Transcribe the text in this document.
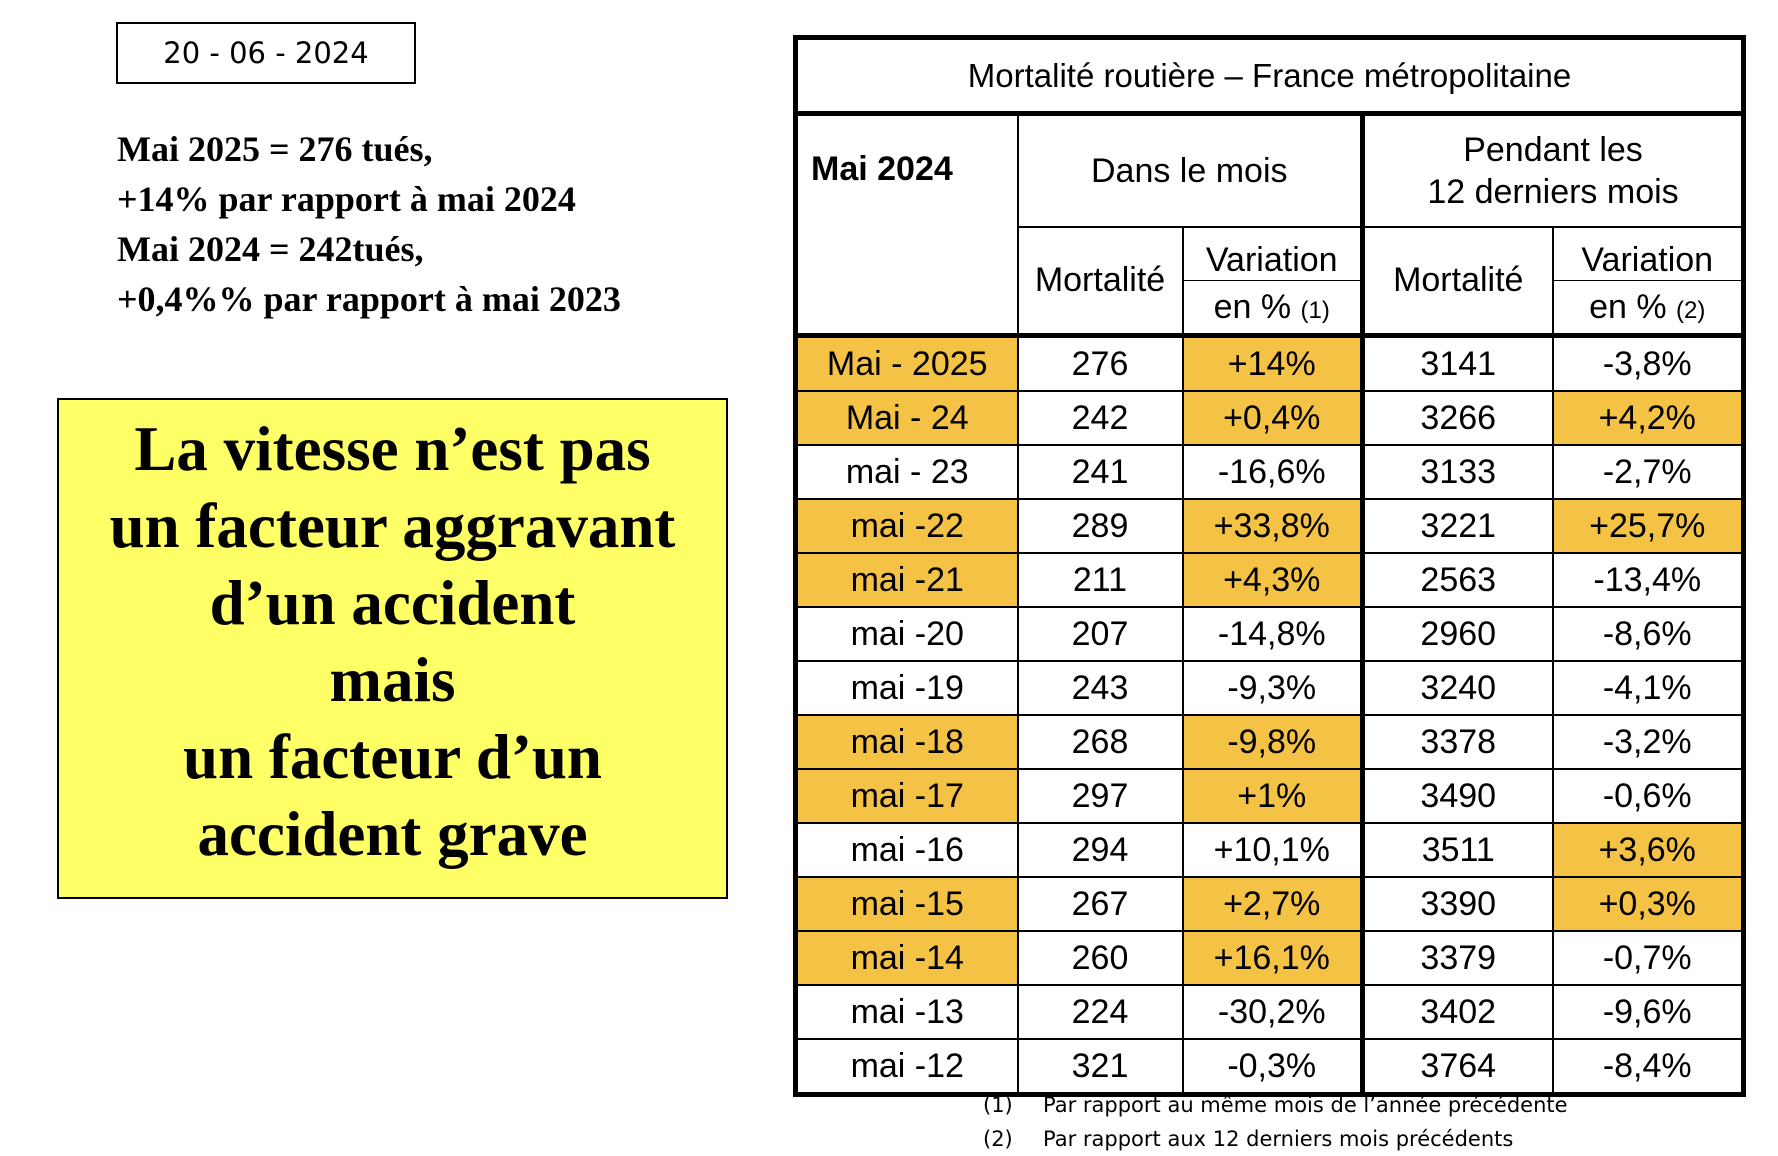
20 - 06 - 2024
Mai 2025 = 276 tués,
+14% par rapport à mai 2024
Mai 2024 = 242tués,
+0,4%% par rapport à mai 2023
La vitesse n’est pas
un facteur aggravant
d’un accident
mais
un facteur d’un
accident grave
Mortalité routière – France métropolitaine				
Mai 2024	Dans le mois		Pendant les
12 derniers mois	

	Mortalité	Variation	Mortalité	Variation
		en % (1)		en % (2)
Mai - 2025	276	+14%	3141	-3,8%
Mai - 24	242	+0,4%	3266	+4,2%
mai - 23	241	-16,6%	3133	-2,7%
mai -22	289	+33,8%	3221	+25,7%
mai -21	211	+4,3%	2563	-13,4%
mai -20	207	-14,8%	2960	-8,6%
mai -19	243	-9,3%	3240	-4,1%
mai -18	268	-9,8%	3378	-3,2%
mai -17	297	+1%	3490	-0,6%
mai -16	294	+10,1%	3511	+3,6%
mai -15	267	+2,7%	3390	+0,3%
mai -14	260	+16,1%	3379	-0,7%
mai -13	224	-30,2%	3402	-9,6%
mai -12	321	-0,3%	3764	-8,4%
(1) Par rapport au même mois de l’année précédente
(2) Par rapport aux 12 derniers mois précédents
